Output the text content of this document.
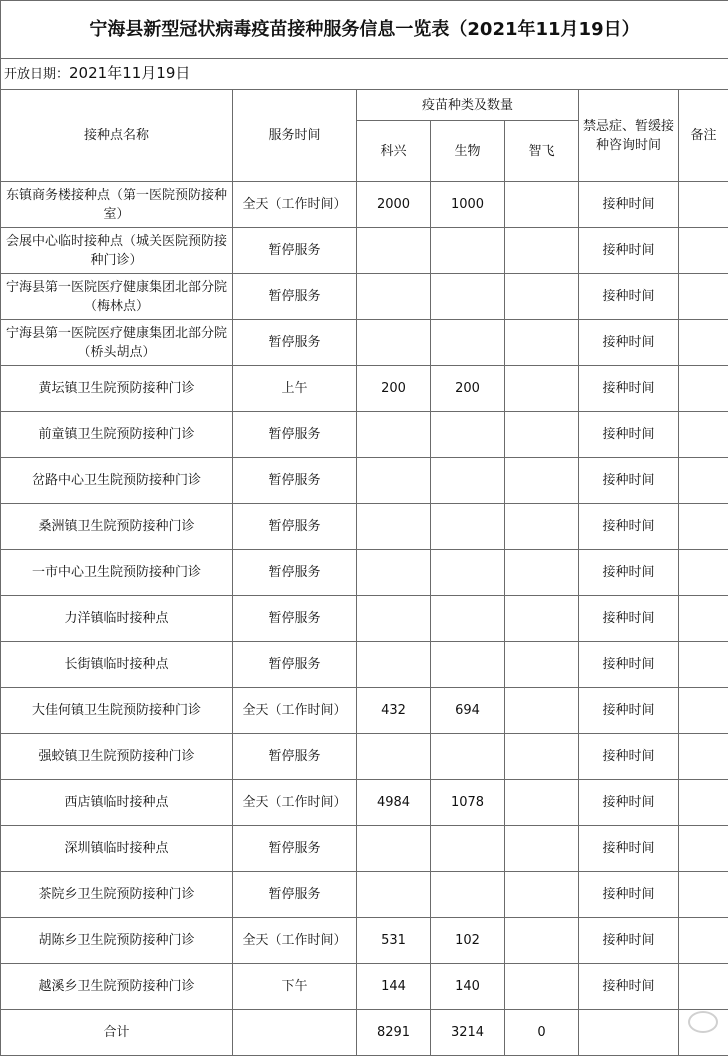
宁海县新型冠状病毒疫苗接种服务信息一览表（2021年11月19日）						
开放日期：2021年11月19日						
接种点名称	服务时间	疫苗种类及数量			禁忌症、暂缓接种咨询时间	备注
		科兴	生物	智飞		
东镇商务楼接种点（第一医院预防接种室）	全天（工作时间）	2000	1000		接种时间	
会展中心临时接种点（城关医院预防接种门诊）	暂停服务				接种时间	
宁海县第一医院医疗健康集团北部分院（梅林点）	暂停服务				接种时间	
宁海县第一医院医疗健康集团北部分院（桥头胡点）	暂停服务				接种时间	
黄坛镇卫生院预防接种门诊	上午	200	200		接种时间	
前童镇卫生院预防接种门诊	暂停服务				接种时间	
岔路中心卫生院预防接种门诊	暂停服务				接种时间	
桑洲镇卫生院预防接种门诊	暂停服务				接种时间	
一市中心卫生院预防接种门诊	暂停服务				接种时间	
力洋镇临时接种点	暂停服务				接种时间	
长街镇临时接种点	暂停服务				接种时间	
大佳何镇卫生院预防接种门诊	全天（工作时间）	432	694		接种时间	
强蛟镇卫生院预防接种门诊	暂停服务				接种时间	
西店镇临时接种点	全天（工作时间）	4984	1078		接种时间	
深圳镇临时接种点	暂停服务				接种时间	
茶院乡卫生院预防接种门诊	暂停服务				接种时间	
胡陈乡卫生院预防接种门诊	全天（工作时间）	531	102		接种时间	
越溪乡卫生院预防接种门诊	下午	144	140		接种时间	
合计		8291	3214	0		
